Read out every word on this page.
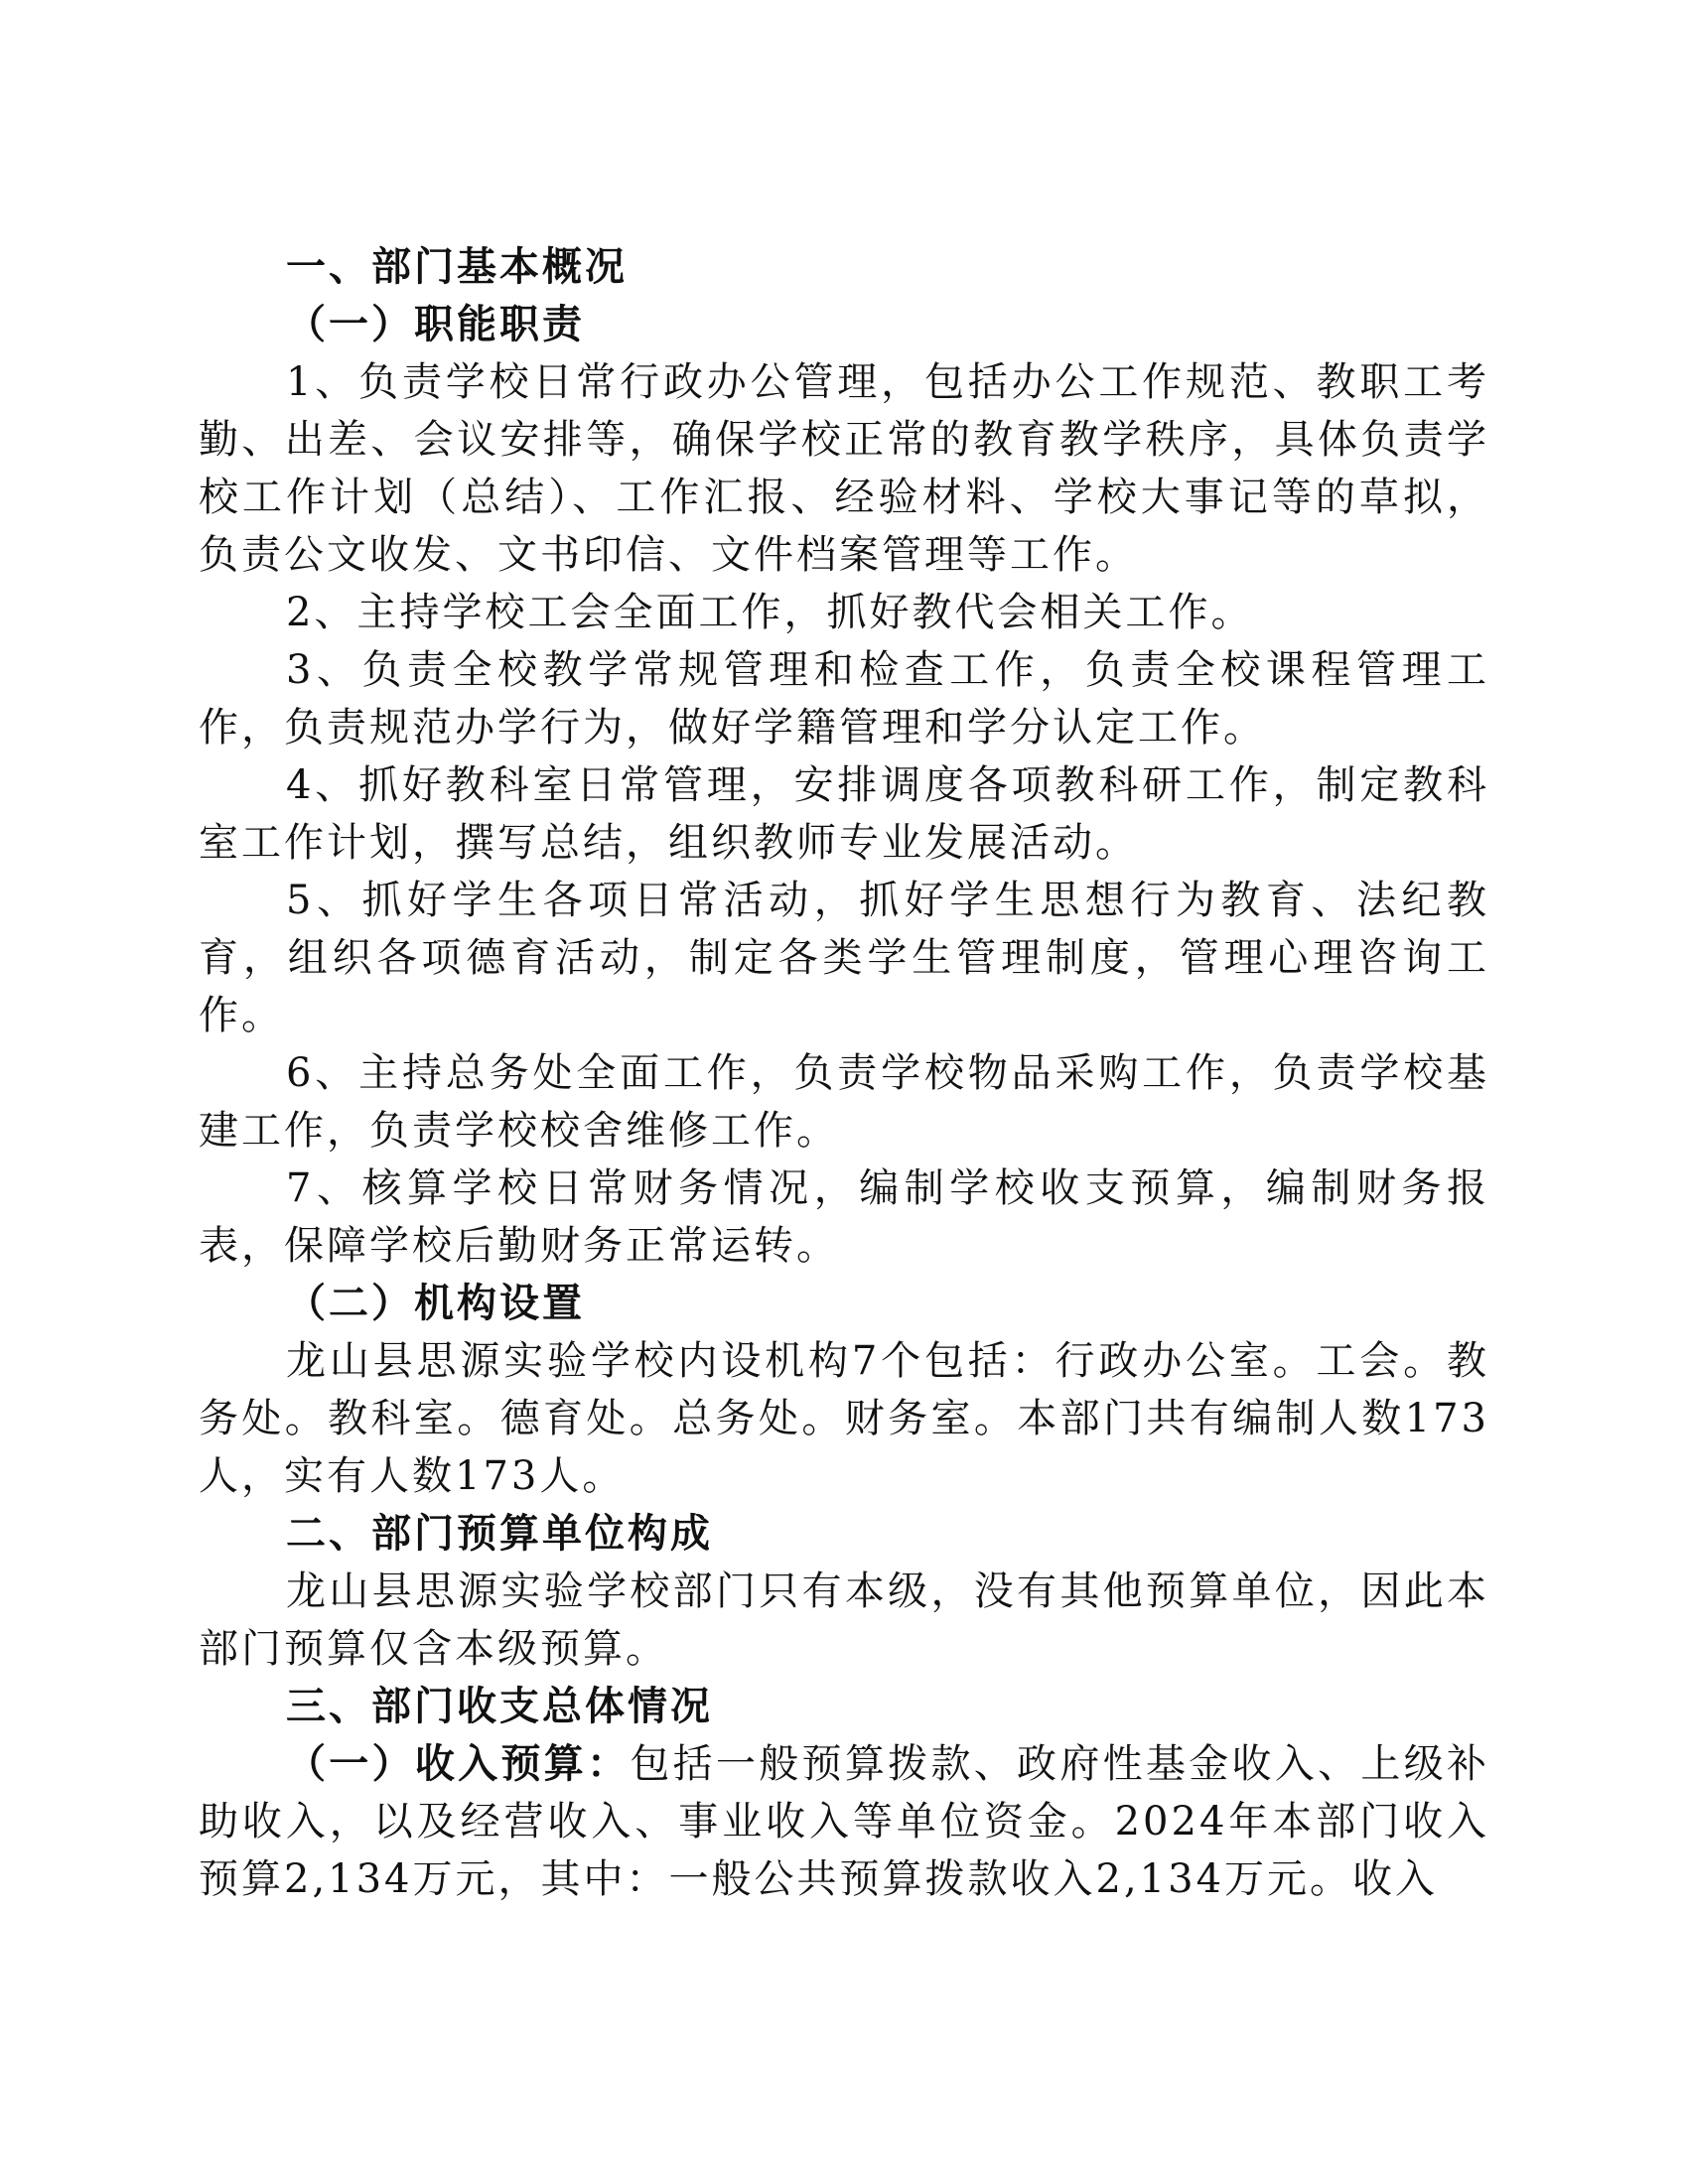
一、部门基本概况

（一）职能职责

1、负责学校日常行政办公管理，包括办公工作规范、教职工考勤、出差、会议安排等，确保学校正常的教育教学秩序，具体负责学校工作计划（总结）、工作汇报、经验材料、学校大事记等的草拟，负责公文收发、文书印信、文件档案管理等工作。

2、主持学校工会全面工作，抓好教代会相关工作。

3、负责全校教学常规管理和检查工作，负责全校课程管理工作，负责规范办学行为，做好学籍管理和学分认定工作。

4、抓好教科室日常管理，安排调度各项教科研工作，制定教科室工作计划，撰写总结，组织教师专业发展活动。

5、抓好学生各项日常活动，抓好学生思想行为教育、法纪教育，组织各项德育活动，制定各类学生管理制度，管理心理咨询工作。

6、主持总务处全面工作，负责学校物品采购工作，负责学校基建工作，负责学校校舍维修工作。

7、核算学校日常财务情况，编制学校收支预算，编制财务报表，保障学校后勤财务正常运转。

（二）机构设置

龙山县思源实验学校内设机构7个包括：行政办公室。工会。教务处。教科室。德育处。总务处。财务室。本部门共有编制人数173人，实有人数173人。

二、部门预算单位构成

龙山县思源实验学校部门只有本级，没有其他预算单位，因此本部门预算仅含本级预算。

三、部门收支总体情况

（一）收入预算：包括一般预算拨款、政府性基金收入、上级补助收入，以及经营收入、事业收入等单位资金。2024年本部门收入预算2,134万元，其中：一般公共预算拨款收入2,134万元。收入
